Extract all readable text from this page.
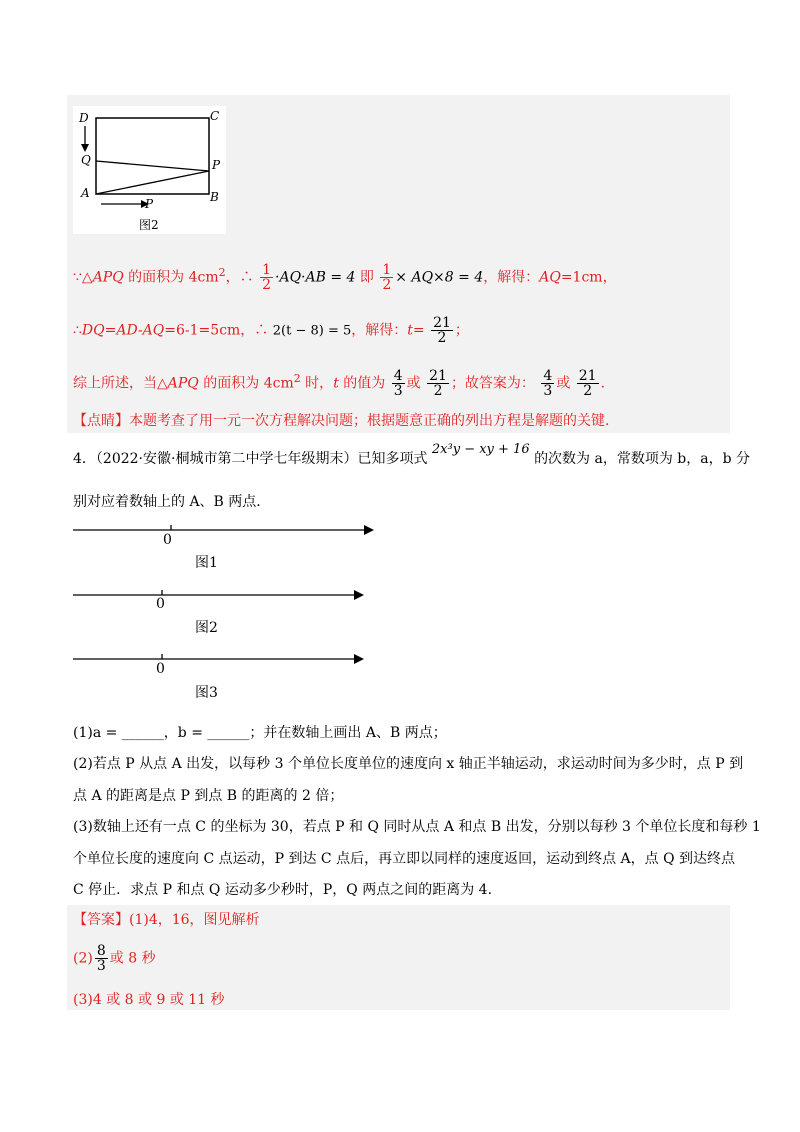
D	C
Q	P
A	B
P
图2
∵△APQ 的面积为 $4cm^2$，∴ $\frac{1}{2} \cdot AQ\cdot AB = 4$ 即 $\frac{1}{2} \times AQ\times 8 = 4$，解得：AQ=1cm，
∴DQ=AD-AQ=6-1=5cm，∴ 2(t − 8) = 5，解得：$t= \frac{21}{2}$ ；
综上所述，当△APQ 的面积为 $4cm^2$ 时，t 的值为 $\frac{4}{3}$ 或 $\frac{21}{2}$ ；故答案为： $\frac{4}{3}$ 或 $\frac{21}{2}$ .
【点睛】本题考查了用一元一次方程解决问题；根据题意正确的列出方程是解题的关键.
4．（2022·安徽·桐城市第二中学七年级期末）已知多项式 2x³y − xy + 16 的次数为 a，常数项为 b，a，b 分
别对应着数轴上的 A、B 两点.
0
图1
0
图2
0
图3
(1)a = ______，b = ______；并在数轴上画出 A、B 两点；
(2)若点 P 从点 A 出发，以每秒 3 个单位长度单位的速度向 x 轴正半轴运动，求运动时间为多少时，点 P 到
点 A 的距离是点 P 到点 B 的距离的 2 倍；
(3)数轴上还有一点 C 的坐标为 30，若点 P 和 Q 同时从点 A 和点 B 出发，分别以每秒 3 个单位长度和每秒 1
个单位长度的速度向 C 点运动，P 到达 C 点后，再立即以同样的速度返回，运动到终点 A，点 Q 到达终点
C 停止．求点 P 和点 Q 运动多少秒时，P，Q 两点之间的距离为 4.
【答案】(1)4，16，图见解析
$(2) \frac{8}{3}$ 或 8 秒
(3)4 或 8 或 9 或 11 秒
